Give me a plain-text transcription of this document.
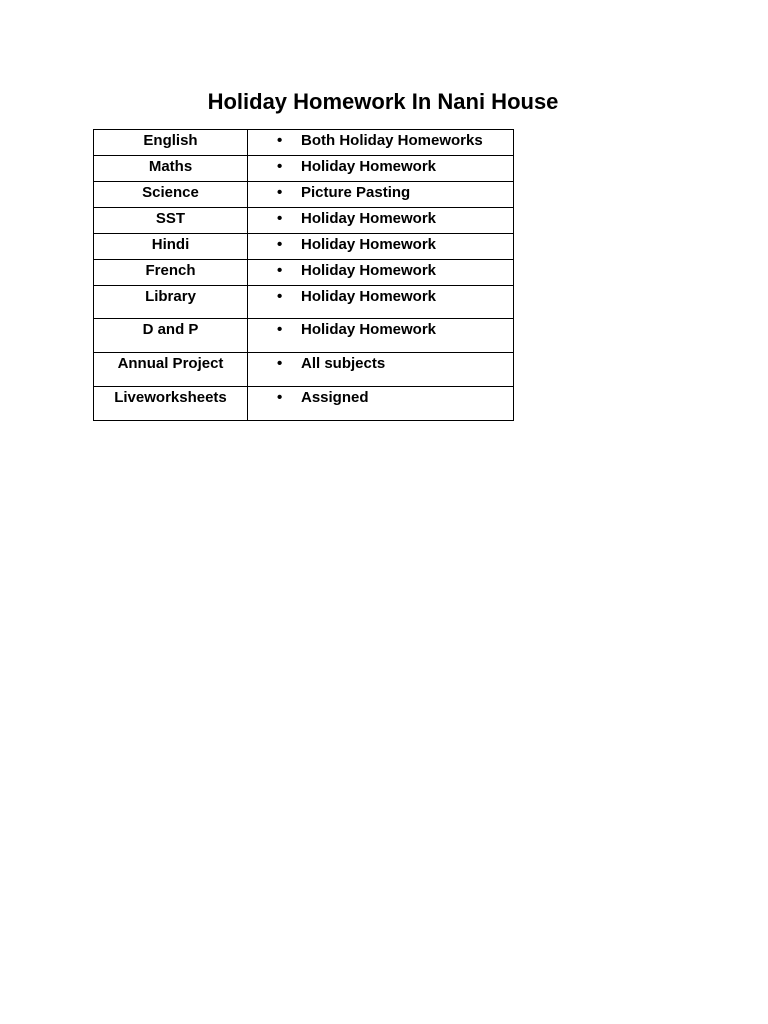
Holiday Homework In Nani House
English	• Both Holiday Homeworks
Maths	• Holiday Homework
Science	• Picture Pasting
SST	• Holiday Homework
Hindi	• Holiday Homework
French	• Holiday Homework
Library	• Holiday Homework
D and P	• Holiday Homework
Annual Project	• All subjects
Liveworksheets	• Assigned
